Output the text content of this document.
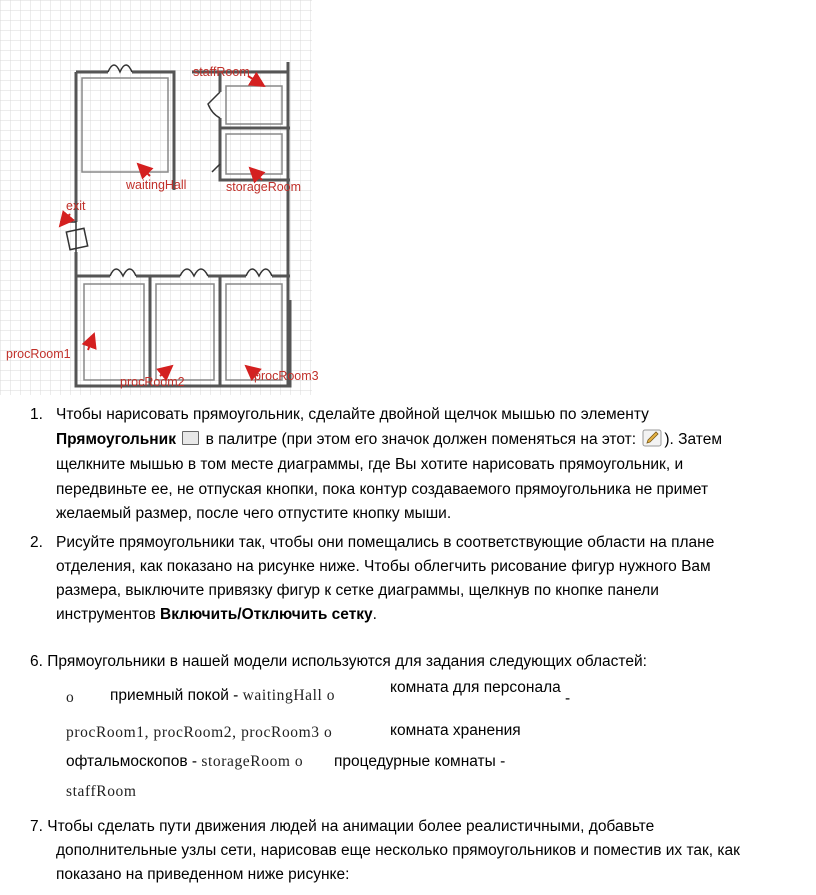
staffRoom
waitingHall	storageRoom
exit
procRoom1
procRoom2	procRoom3
1. Чтобы нарисовать прямоугольник, сделайте двойной щелчок мышью по элементу

Прямоугольник в палитре (при этом его значок должен поменяться на этот: ). Затем

щелкните мышью в том месте диаграммы, где Вы хотите нарисовать прямоугольник, и

передвиньте ее, не отпуская кнопки, пока контур создаваемого прямоугольника не примет

желаемый размер, после чего отпустите кнопку мыши.

2. Рисуйте прямоугольники так, чтобы они помещались в соответствующие области на плане

отделения, как показано на рисунке ниже. Чтобы облегчить рисование фигур нужного Вам

размера, выключите привязку фигур к сетке диаграммы, щелкнув по кнопке панели

инструментов Включить/Отключить сетку.

6. Прямоугольники в нашей модели используются для задания следующих областей:

o приемный покой - waitingHall o	комната для персонала

-

procRoom1, procRoom2, procRoom3 o	комната хранения

офтальмоскопов - storageRoom o процедурные комнаты -

staffRoom

7. Чтобы сделать пути движения людей на анимации более реалистичными, добавьте

дополнительные узлы сети, нарисовав еще несколько прямоугольников и поместив их так, как

показано на приведенном ниже рисунке:
